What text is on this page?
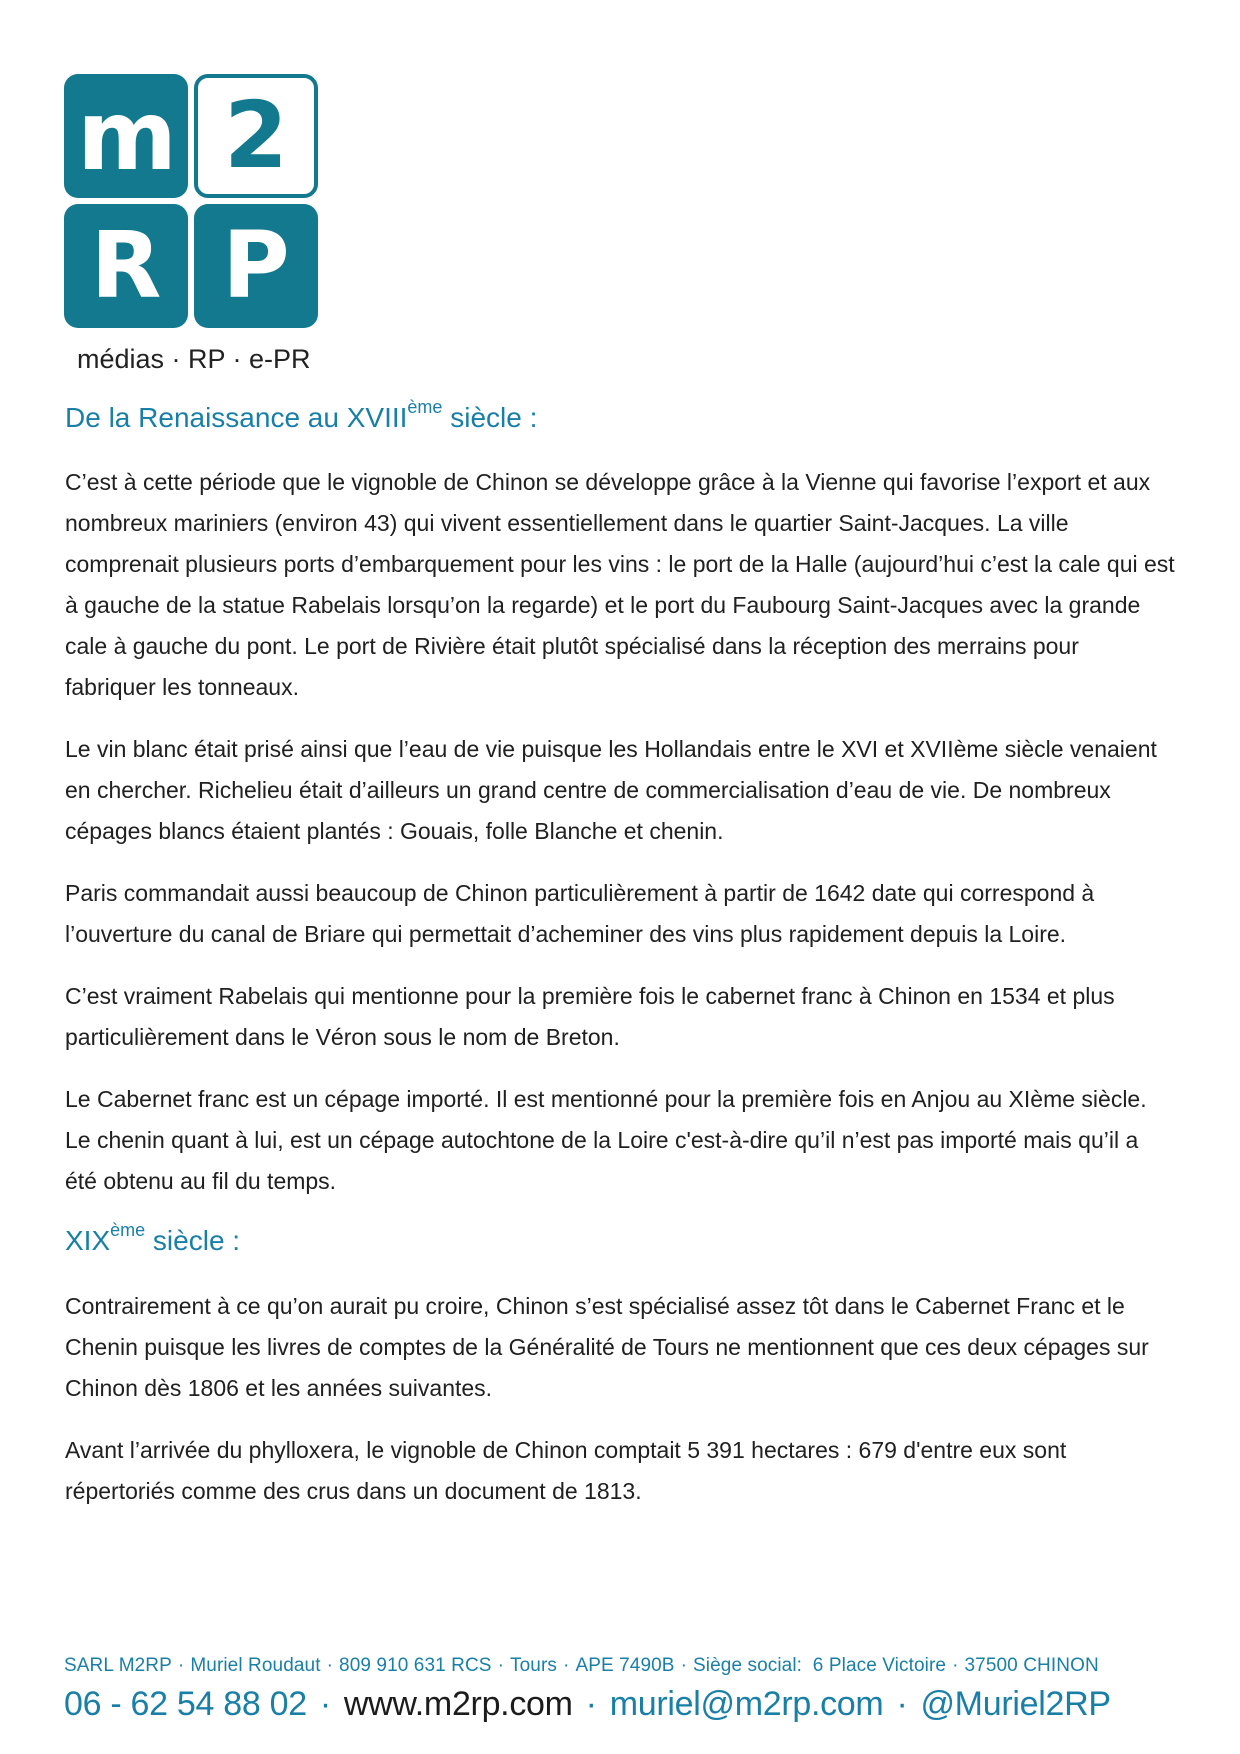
m 2
R P

médias · RP · e-PR

De la Renaissance au XVIIIème siècle :

C’est à cette période que le vignoble de Chinon se développe grâce à la Vienne qui favorise l’export et aux nombreux mariniers (environ 43) qui vivent essentiellement dans le quartier Saint-Jacques. La ville comprenait plusieurs ports d’embarquement pour les vins : le port de la Halle (aujourd’hui c’est la cale qui est à gauche de la statue Rabelais lorsqu’on la regarde) et le port du Faubourg Saint-Jacques avec la grande cale à gauche du pont. Le port de Rivière était plutôt spécialisé dans la réception des merrains pour fabriquer les tonneaux.

Le vin blanc était prisé ainsi que l’eau de vie puisque les Hollandais entre le XVI et XVIIème siècle venaient en chercher. Richelieu était d’ailleurs un grand centre de commercialisation d’eau de vie. De nombreux cépages blancs étaient plantés : Gouais, folle Blanche et chenin.

Paris commandait aussi beaucoup de Chinon particulièrement à partir de 1642 date qui correspond à l’ouverture du canal de Briare qui permettait d’acheminer des vins plus rapidement depuis la Loire.

C’est vraiment Rabelais qui mentionne pour la première fois le cabernet franc à Chinon en 1534 et plus particulièrement dans le Véron sous le nom de Breton.

Le Cabernet franc est un cépage importé. Il est mentionné pour la première fois en Anjou au XIème siècle. Le chenin quant à lui, est un cépage autochtone de la Loire c'est-à-dire qu’il n’est pas importé mais qu’il a été obtenu au fil du temps.

XIXème siècle :

Contrairement à ce qu’on aurait pu croire, Chinon s’est spécialisé assez tôt dans le Cabernet Franc et le Chenin puisque les livres de comptes de la Généralité de Tours ne mentionnent que ces deux cépages sur Chinon dès 1806 et les années suivantes.

Avant l’arrivée du phylloxera, le vignoble de Chinon comptait 5 391 hectares : 679 d'entre eux sont répertoriés comme des crus dans un document de 1813.

SARL M2RP · Muriel Roudaut · 809 910 631 RCS · Tours · APE 7490B · Siège social:  6 Place Victoire · 37500 CHINON
06 - 62 54 88 02 · www.m2rp.com · muriel@m2rp.com · @Muriel2RP
